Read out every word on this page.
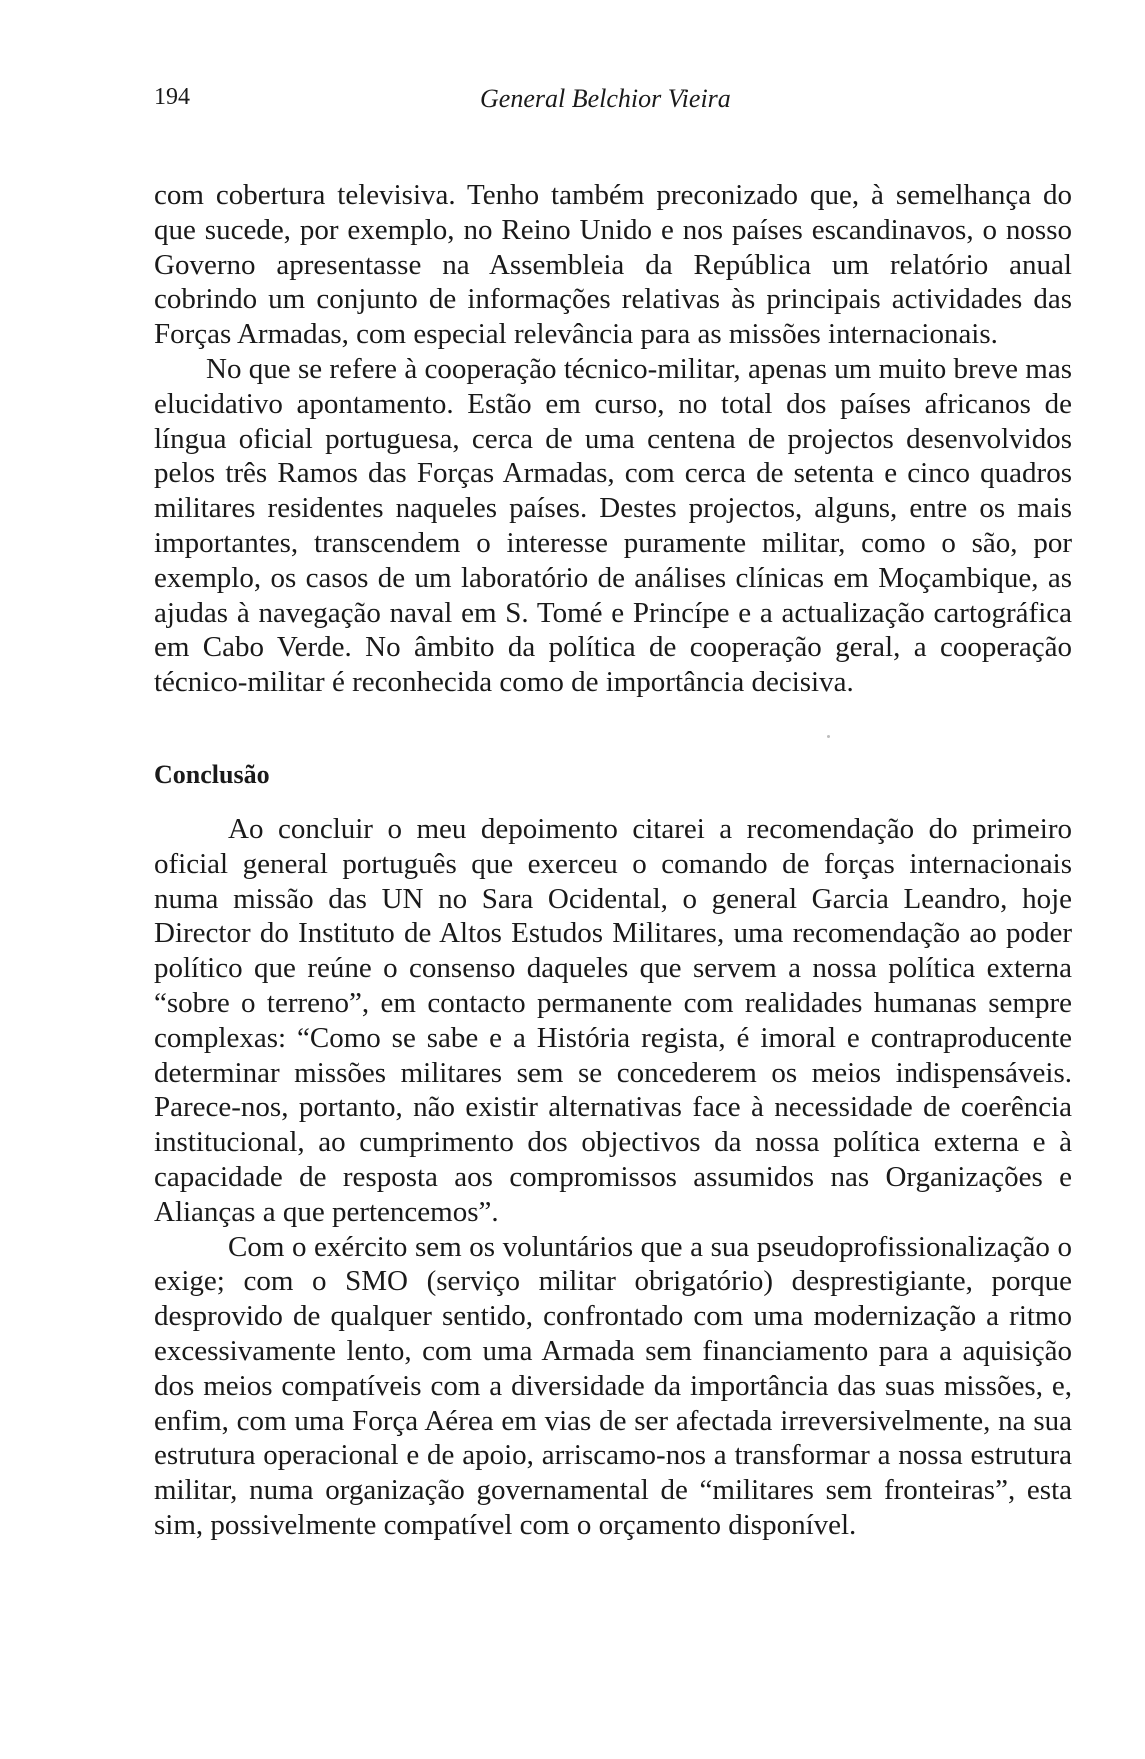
194	General Belchior Vieira

com cobertura televisiva. Tenho também preconizado que, à semelhança do que sucede, por exemplo, no Reino Unido e nos países escandinavos, o nosso Governo apresentasse na Assembleia da República um relatório anual cobrindo um conjunto de informações relativas às principais actividades das Forças Armadas, com especial relevância para as missões internacionais.

No que se refere à cooperação técnico-militar, apenas um muito breve mas elucidativo apontamento. Estão em curso, no total dos países africanos de língua oficial portuguesa, cerca de uma centena de projectos desenvolvidos pelos três Ramos das Forças Armadas, com cerca de setenta e cinco quadros militares residentes naqueles países. Destes projectos, alguns, entre os mais importantes, transcendem o interesse puramente militar, como o são, por exemplo, os casos de um laboratório de análises clínicas em Moçambique, as ajudas à navegação naval em S. Tomé e Princípe e a actualização cartográfica em Cabo Verde. No âmbito da política de cooperação geral, a cooperação técnico-militar é reconhecida como de importância decisiva.

Conclusão

Ao concluir o meu depoimento citarei a recomendação do primeiro oficial general português que exerceu o comando de forças internacionais numa missão das UN no Sara Ocidental, o general Garcia Leandro, hoje Director do Instituto de Altos Estudos Militares, uma recomendação ao poder político que reúne o consenso daqueles que servem a nossa política externa “sobre o terreno”, em contacto permanente com realidades humanas sempre complexas: “Como se sabe e a História regista, é imoral e contraproducente determinar missões militares sem se concederem os meios indispensáveis. Parece-nos, portanto, não existir alternativas face à necessidade de coerência institucional, ao cumprimento dos objectivos da nossa política externa e à capacidade de resposta aos compromissos assumidos nas Organizações e Alianças a que pertencemos”.

Com o exército sem os voluntários que a sua pseudoprofissionalização o exige; com o SMO (serviço militar obrigatório) desprestigiante, porque desprovido de qualquer sentido, confrontado com uma modernização a ritmo excessivamente lento, com uma Armada sem financiamento para a aquisição dos meios compatíveis com a diversidade da importância das suas missões, e, enfim, com uma Força Aérea em vias de ser afectada irreversivelmente, na sua estrutura operacional e de apoio, arriscamo-nos a transformar a nossa estrutura militar, numa organização governamental de “militares sem fronteiras”, esta sim, possivelmente compatível com o orçamento disponível.
